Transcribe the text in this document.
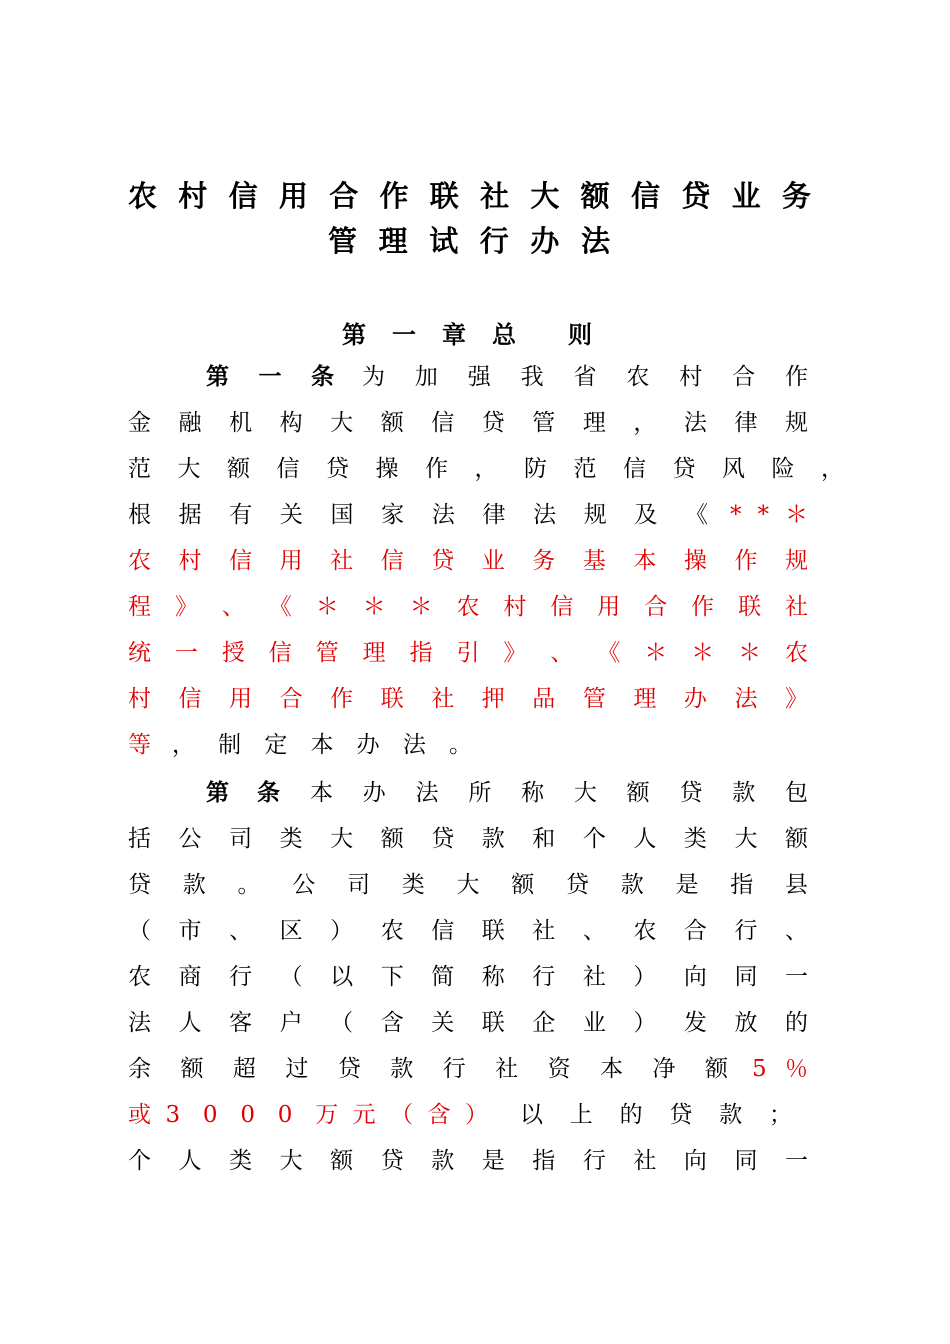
农 村 信 用 合 作 联 社 大 额 信 贷 业 务
管 理 试 行 办 法
第 一 章 总 则
第 一 条 为 加 强 我 省 农 村 合 作
金 融 机 构 大 额 信 贷 管 理 ， 法 律 规
范 大 额 信 贷 操 作 ， 防 范 信 贷 风 险 ，
根 据 有 关 国 家 法 律 法 规 及 《 * * ＊
农 村 信 用 社 信 贷 业 务 基 本 操 作 规
程 》 、 《 ＊ ＊ ＊ 农 村 信 用 合 作 联 社
统 一 授 信 管 理 指 引 》 、 《 ＊ ＊ ＊ 农
村 信 用 合 作 联 社 押 品 管 理 办 法 》
等 ， 制 定 本 办 法 。
第 条 本 办 法 所 称 大 额 贷 款 包
括 公 司 类 大 额 贷 款 和 个 人 类 大 额
贷 款 。 公 司 类 大 额 贷 款 是 指 县
（ 市 、 区 ） 农 信 联 社 、 农 合 行 、
农 商 行 （ 以 下 简 称 行 社 ） 向 同 一
法 人 客 户 （ 含 关 联 企 业 ） 发 放 的
余 额 超 过 贷 款 行 社 资 本 净 额 5 ％
或 3 0 0 0 万 元 （ 含 ） 以 上 的 贷 款 ；
个 人 类 大 额 贷 款 是 指 行 社 向 同 一
